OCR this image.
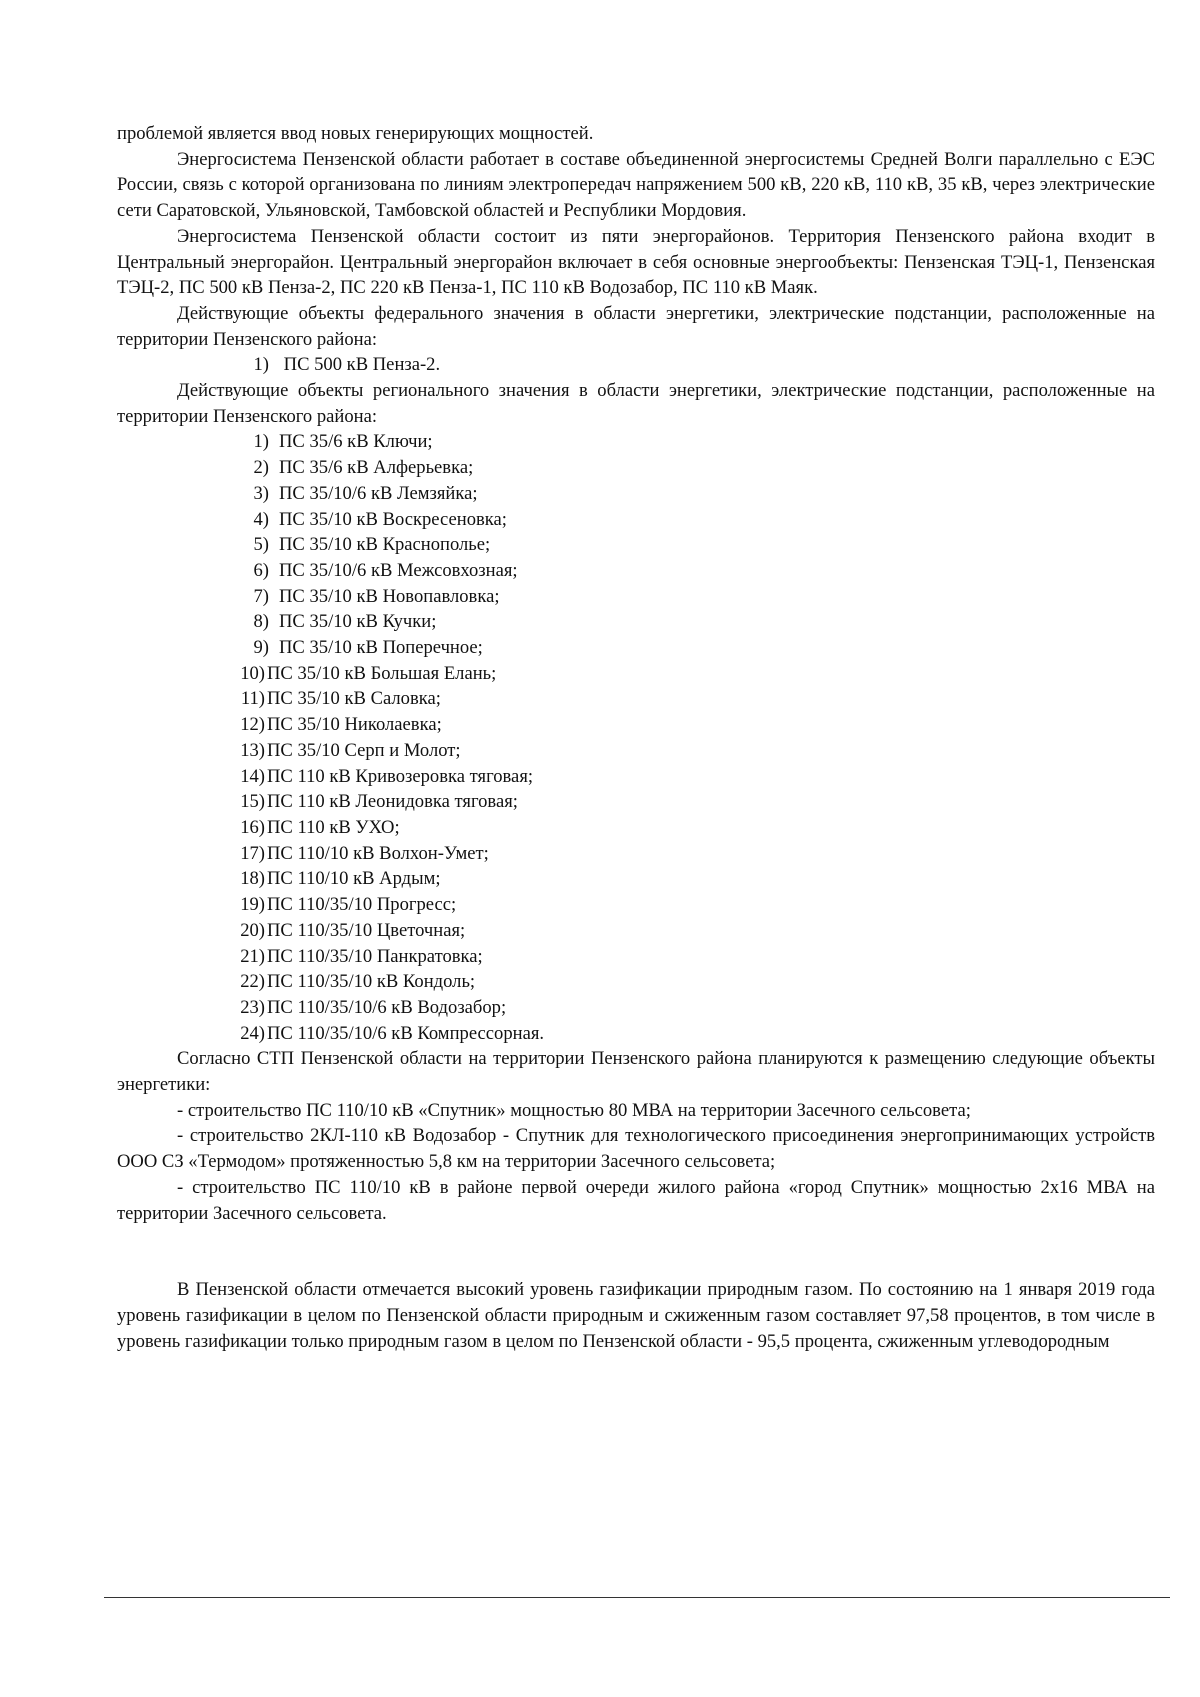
проблемой является ввод новых генерирующих мощностей.

Энергосистема Пензенской области работает в составе объединенной энергосистемы Средней Волги параллельно с ЕЭС России, связь с которой организована по линиям электропередач напряжением 500 кВ, 220 кВ, 110 кВ, 35 кВ, через электрические сети Саратовской, Ульяновской, Тамбовской областей и Республики Мордовия.

Энергосистема Пензенской области состоит из пяти энергорайонов. Территория Пензенского района входит в Центральный энергорайон. Центральный энергорайон включает в себя основные энергообъекты: Пензенская ТЭЦ-1, Пензенская ТЭЦ-2, ПС 500 кВ Пенза-2, ПС 220 кВ Пенза-1, ПС 110 кВ Водозабор, ПС 110 кВ Маяк.

Действующие объекты федерального значения в области энергетики, электрические подстанции, расположенные на территории Пензенского района:

1) ПС 500 кВ Пенза-2.

Действующие объекты регионального значения в области энергетики, электрические подстанции, расположенные на территории Пензенского района:

1) ПС 35/6 кВ Ключи;
2) ПС 35/6 кВ Алферьевка;
3) ПС 35/10/6 кВ Лемзяйка;
4) ПС 35/10 кВ Воскресеновка;
5) ПС 35/10 кВ Краснополье;
6) ПС 35/10/6 кВ Межсовхозная;
7) ПС 35/10 кВ Новопавловка;
8) ПС 35/10 кВ Кучки;
9) ПС 35/10 кВ Поперечное;
10) ПС 35/10 кВ Большая Елань;
11) ПС 35/10 кВ Саловка;
12) ПС 35/10 Николаевка;
13) ПС 35/10 Серп и Молот;
14) ПС 110 кВ Кривозеровка тяговая;
15) ПС 110 кВ Леонидовка тяговая;
16) ПС 110 кВ УХО;
17) ПС 110/10 кВ Волхон-Умет;
18) ПС 110/10 кВ Ардым;
19) ПС 110/35/10 Прогресс;
20) ПС 110/35/10 Цветочная;
21) ПС 110/35/10 Панкратовка;
22) ПС 110/35/10 кВ Кондоль;
23) ПС 110/35/10/6 кВ Водозабор;
24) ПС 110/35/10/6 кВ Компрессорная.

Согласно СТП Пензенской области на территории Пензенского района планируются к размещению следующие объекты энергетики:

- строительство ПС 110/10 кВ «Спутник» мощностью 80 МВА на территории Засечного сельсовета;

- строительство 2КЛ-110 кВ Водозабор - Спутник для технологического присоединения энергопринимающих устройств ООО СЗ «Термодом» протяженностью 5,8 км на территории Засечного сельсовета;

- строительство ПС 110/10 кВ в районе первой очереди жилого района «город Спутник» мощностью 2х16 МВА на территории Засечного сельсовета.

В Пензенской области отмечается высокий уровень газификации природным газом. По состоянию на 1 января 2019 года уровень газификации в целом по Пензенской области природным и сжиженным газом составляет 97,58 процентов, в том числе в уровень газификации только природным газом в целом по Пензенской области - 95,5 процента, сжиженным углеводородным
